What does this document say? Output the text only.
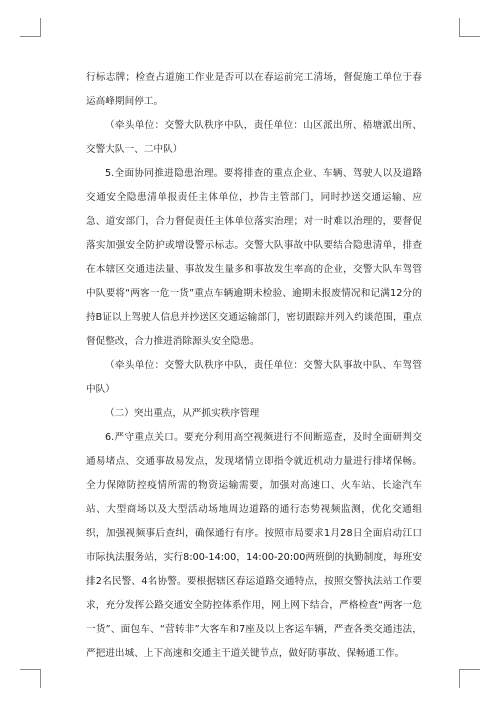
行标志牌；检查占道施工作业是否可以在春运前完工清场，督促施工单位于春运高峰期间停工。

（牵头单位：交警大队秩序中队，责任单位：山区派出所、梧塘派出所、交警大队一、二中队）

5.全面协同推进隐患治理。要将排查的重点企业、车辆、驾驶人以及道路交通安全隐患清单报责任主体单位，抄告主管部门，同时抄送交通运输、应急、道安部门，合力督促责任主体单位落实治理；对一时难以治理的，要督促落实加强安全防护或增设警示标志。交警大队事故中队要结合隐患清单，排查在本辖区交通违法量、事故发生量多和事故发生率高的企业，交警大队车驾管中队要将“两客一危一货”重点车辆逾期未检验、逾期未报废情况和记满12分的持B证以上驾驶人信息并抄送区交通运输部门，密切跟踪并列入约谈范围，重点督促整改，合力推进消除源头安全隐患。

（牵头单位：交警大队秩序中队，责任单位：交警大队事故中队、车驾管中队）

（二）突出重点，从严抓实秩序管理

6.严守重点关口。要充分利用高空视频进行不间断巡查，及时全面研判交通易堵点、交通事故易发点，发现堵情立即指令就近机动力量进行排堵保畅。全力保障防控疫情所需的物资运输需要，加强对高速口、火车站、长途汽车站、大型商场以及大型活动场地周边道路的通行态势视频监测，优化交通组织，加强视频事后查纠，确保通行有序。按照市局要求1月28日全面启动江口市际执法服务站，实行8:00-14:00，14:00-20:00两班倒的执勤制度，每班安排2名民警、4名协警。要根据辖区春运道路交通特点，按照交警执法站工作要求，充分发挥公路交通安全防控体系作用，网上网下结合，严格检查“两客一危一货”、面包车、“营转非”大客车和7座及以上客运车辆，严查各类交通违法，严把进出城、上下高速和交通主干道关键节点，做好防事故、保畅通工作。
